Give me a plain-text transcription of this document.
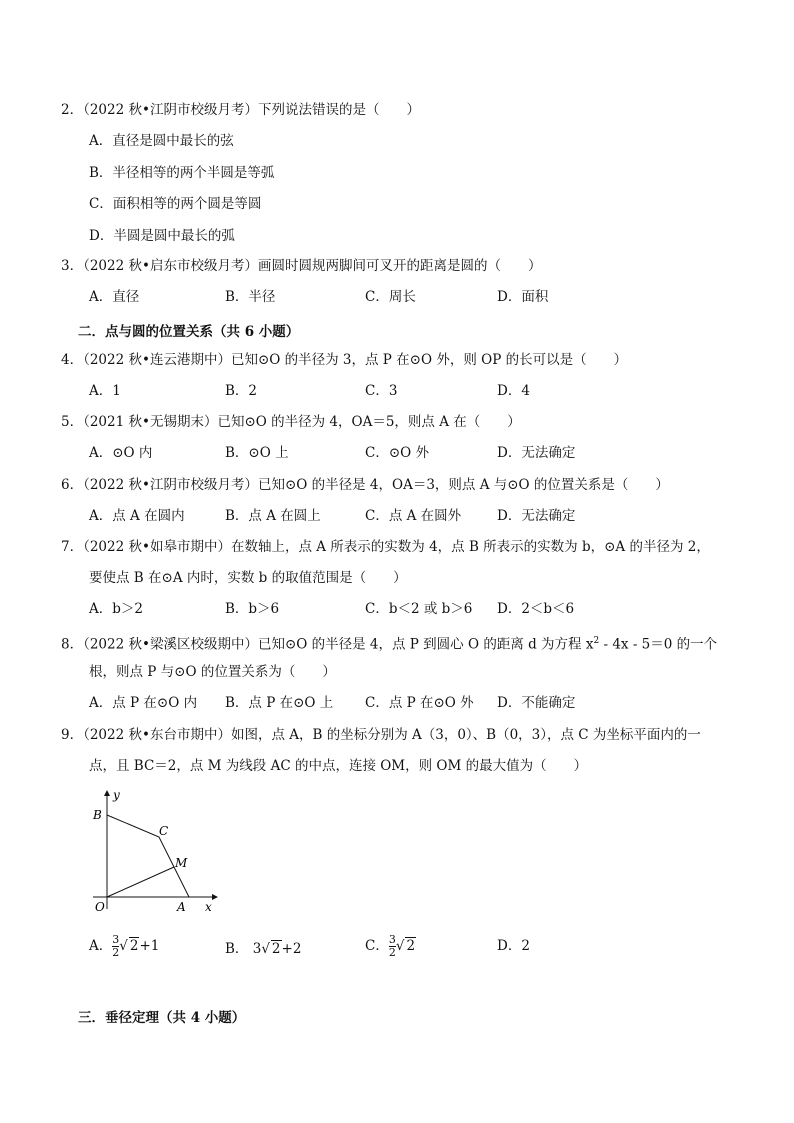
2．（2022 秋•江阴市校级月考）下列说法错误的是（　　）
A．直径是圆中最长的弦
B．半径相等的两个半圆是等弧
C．面积相等的两个圆是等圆
D．半圆是圆中最长的弧
3．（2022 秋•启东市校级月考）画圆时圆规两脚间可叉开的距离是圆的（　　）
A．直径	B．半径	C．周长	D．面积
二．点与圆的位置关系（共 6 小题）
4．（2022 秋•连云港期中）已知⊙O 的半径为 3，点 P 在⊙O 外，则 OP 的长可以是（　　）
A．1	B．2	C．3	D．4
5．（2021 秋•无锡期末）已知⊙O 的半径为 4，OA＝5，则点 A 在（　　）
A．⊙O 内	B．⊙O 上	C．⊙O 外	D．无法确定
6．（2022 秋•江阴市校级月考）已知⊙O 的半径是 4，OA＝3，则点 A 与⊙O 的位置关系是（　　）
A．点 A 在圆内	B．点 A 在圆上	C．点 A 在圆外	D．无法确定
7．（2022 秋•如皋市期中）在数轴上，点 A 所表示的实数为 4，点 B 所表示的实数为 b，⊙A 的半径为 2，
要使点 B 在⊙A 内时，实数 b 的取值范围是（　　）
A．b＞2	B．b＞6	C．b＜2 或 b＞6 D．2＜b＜6
8．（2022 秋•梁溪区校级期中）已知⊙O 的半径是 4，点 P 到圆心 O 的距离 d 为方程 $x^2 - 4x - 5=0$ 的一个
根，则点 P 与⊙O 的位置关系为（　　）
A．点 P 在⊙O 内 B．点 P 在⊙O 上 C．点 P 在⊙O 外 D．不能确定
9．（2022 秋•东台市期中）如图，点 A，B 的坐标分别为 A（3，0）、B（0，3），点 C 为坐标平面内的一
点，且 BC＝2，点 M 为线段 AC 的中点，连接 OM，则 OM 的最大值为（　　）
y
x
O	A
B
C
M
A． $\frac{3}{2}$ √ 2+1	B． 3√ 2+2	C． $\frac{3}{2}$ √ 2	D．2
三．垂径定理（共 4 小题）
